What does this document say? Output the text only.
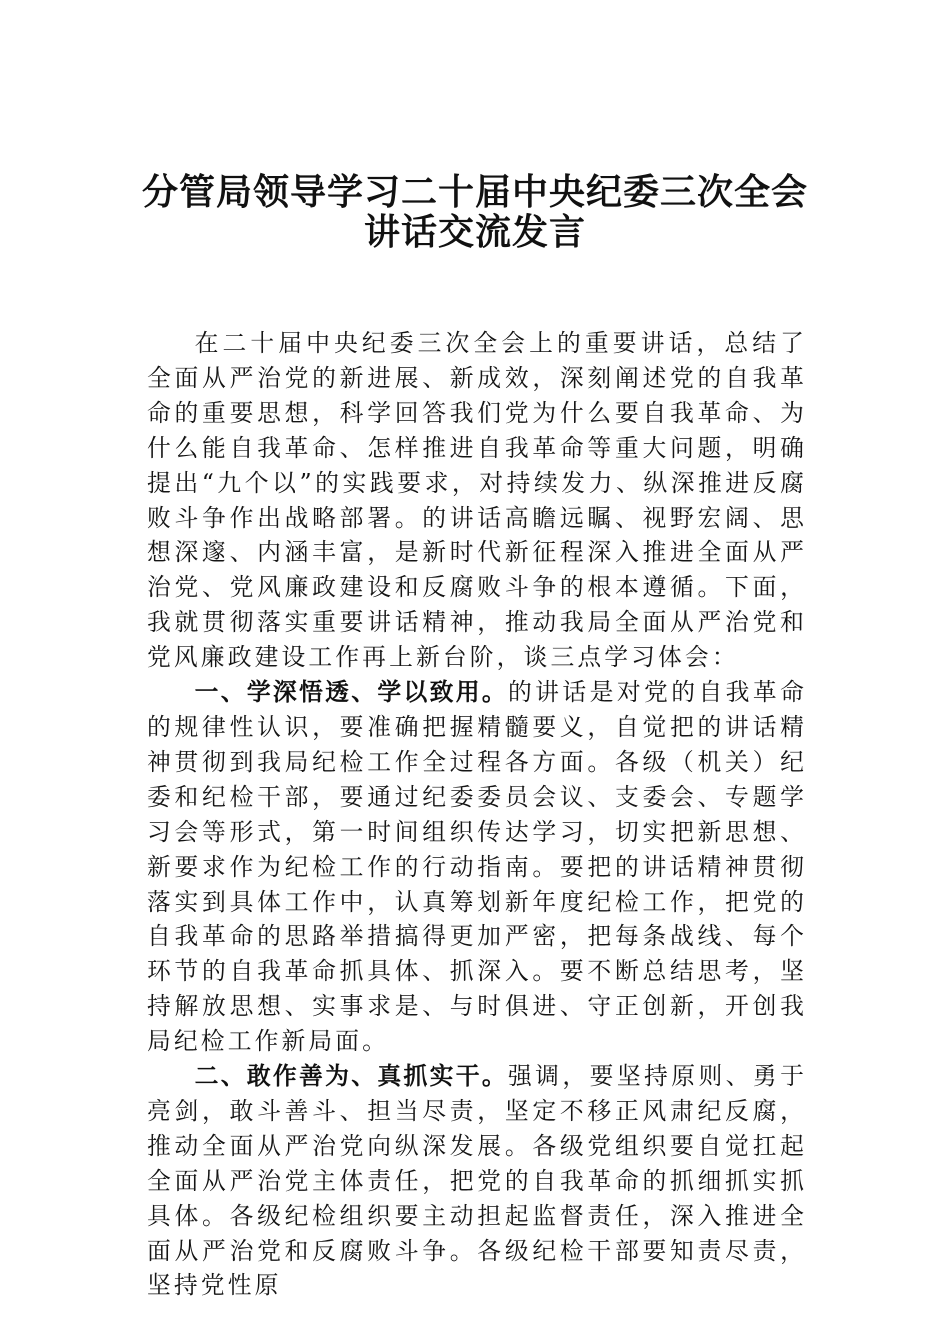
分管局领导学习二十届中央纪委三次全会
讲话交流发言

在二十届中央纪委三次全会上的重要讲话，总结了全面从严治党的新进展、新成效，深刻阐述党的自我革命的重要思想，科学回答我们党为什么要自我革命、为什么能自我革命、怎样推进自我革命等重大问题，明确提出“九个以”的实践要求，对持续发力、纵深推进反腐败斗争作出战略部署。的讲话高瞻远瞩、视野宏阔、思想深邃、内涵丰富，是新时代新征程深入推进全面从严治党、党风廉政建设和反腐败斗争的根本遵循。下面，我就贯彻落实重要讲话精神，推动我局全面从严治党和党风廉政建设工作再上新台阶，谈三点学习体会：

一、学深悟透、学以致用。的讲话是对党的自我革命的规律性认识，要准确把握精髓要义，自觉把的讲话精神贯彻到我局纪检工作全过程各方面。各级（机关）纪委和纪检干部，要通过纪委委员会议、支委会、专题学习会等形式，第一时间组织传达学习，切实把新思想、新要求作为纪检工作的行动指南。要把的讲话精神贯彻落实到具体工作中，认真筹划新年度纪检工作，把党的自我革命的思路举措搞得更加严密，把每条战线、每个环节的自我革命抓具体、抓深入。要不断总结思考，坚持解放思想、实事求是、与时俱进、守正创新，开创我局纪检工作新局面。

二、敢作善为、真抓实干。强调，要坚持原则、勇于亮剑，敢斗善斗、担当尽责，坚定不移正风肃纪反腐，推动全面从严治党向纵深发展。各级党组织要自觉扛起全面从严治党主体责任，把党的自我革命的抓细抓实抓具体。各级纪检组织要主动担起监督责任，深入推进全面从严治党和反腐败斗争。各级纪检干部要知责尽责，坚持党性原
